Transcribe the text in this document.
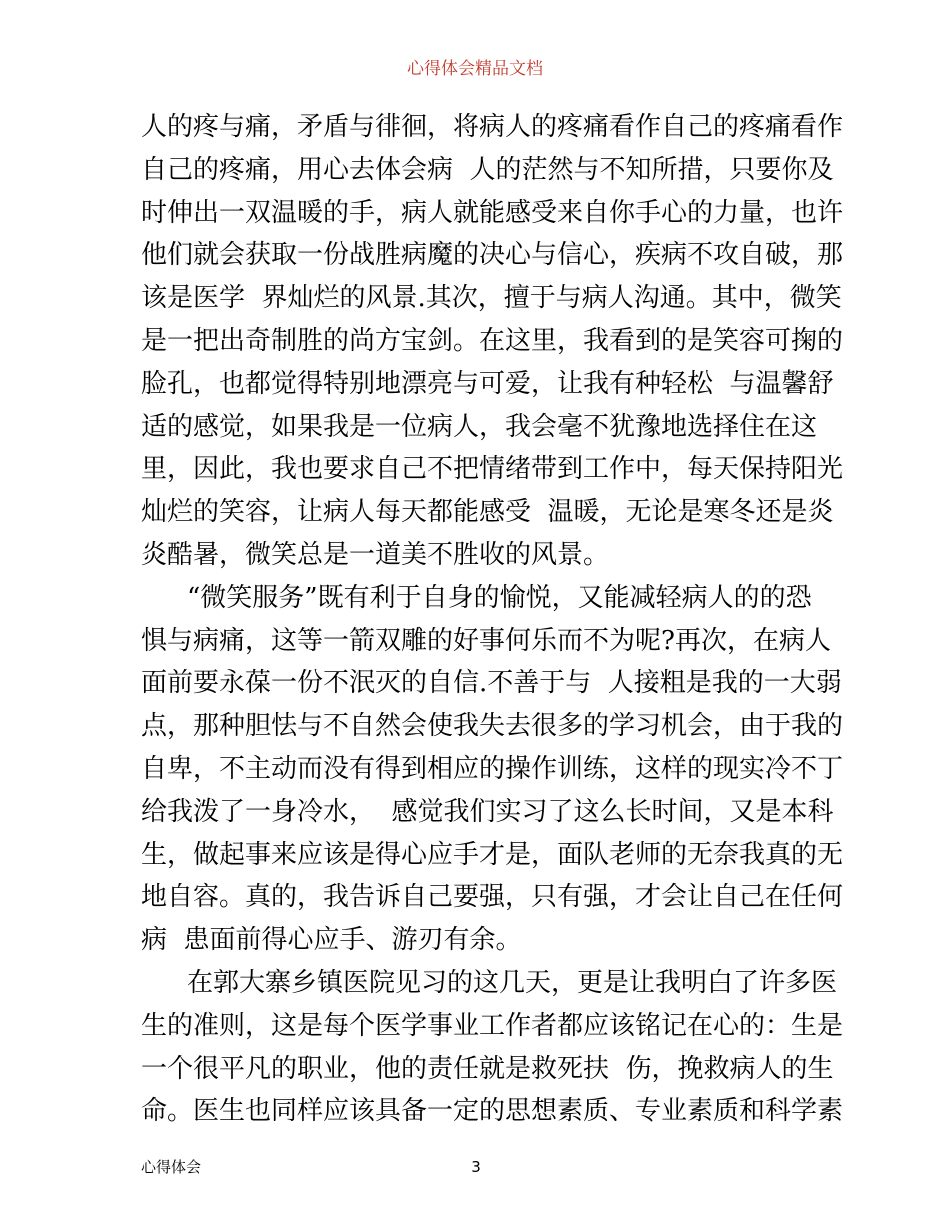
心得体会精品文档
人的疼与痛，矛盾与徘徊，将病人的疼痛看作自己的疼痛看作
自己的疼痛，用心去体会病  人的茫然与不知所措，只要你及
时伸出一双温暖的手，病人就能感受来自你手心的力量，也许
他们就会获取一份战胜病魔的决心与信心，疾病不攻自破，那
该是医学  界灿烂的风景.其次，擅于与病人沟通。其中，微笑
是一把出奇制胜的尚方宝剑。在这里，我看到的是笑容可掬的
脸孔，也都觉得特别地漂亮与可爱，让我有种轻松  与温馨舒
适的感觉，如果我是一位病人，我会毫不犹豫地选择住在这
里，因此，我也要求自己不把情绪带到工作中，每天保持阳光
灿烂的笑容，让病人每天都能感受  温暖，无论是寒冬还是炎
炎酷暑，微笑总是一道美不胜收的风景。
“微笑服务”既有利于自身的愉悦，又能减轻病人的的恐
惧与病痛，这等一箭双雕的好事何乐而不为呢?再次，在病人
面前要永葆一份不泯灭的自信.不善于与  人接粗是我的一大弱
点，那种胆怯与不自然会使我失去很多的学习机会，由于我的
自卑，不主动而没有得到相应的操作训练，这样的现实冷不丁
给我泼了一身冷水，  感觉我们实习了这么长时间，又是本科
生，做起事来应该是得心应手才是，面队老师的无奈我真的无
地自容。真的，我告诉自己要强，只有强，才会让自己在任何
病  患面前得心应手、游刃有余。
在郭大寨乡镇医院见习的这几天，更是让我明白了许多医
生的准则，这是每个医学事业工作者都应该铭记在心的：生是
一个很平凡的职业，他的责任就是救死扶  伤，挽救病人的生
命。医生也同样应该具备一定的思想素质、专业素质和科学素
心得体会	3
